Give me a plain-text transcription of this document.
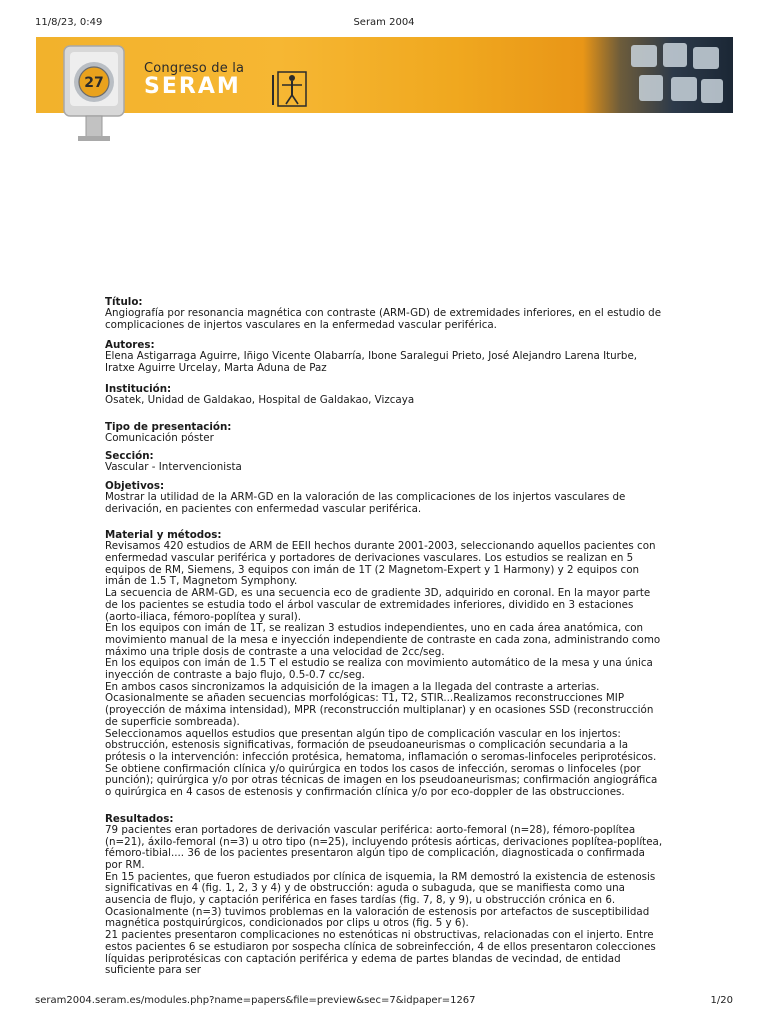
11/8/23, 0:49	Seram 2004
Congreso de la
SERAM
27
Título:

Angiografía por resonancia magnética con contraste (ARM-GD) de extremidades inferiores, en el estudio de complicaciones de injertos vasculares en la enfermedad vascular periférica.

Autores:

Elena Astigarraga Aguirre, Iñigo Vicente Olabarría, Ibone Saralegui Prieto, José Alejandro Larena Iturbe, Iratxe Aguirre Urcelay, Marta Aduna de Paz

Institución:

Osatek, Unidad de Galdakao, Hospital de Galdakao, Vizcaya

Tipo de presentación:

Comunicación póster

Sección:

Vascular - Intervencionista

Objetivos:

Mostrar la utilidad de la ARM-GD en la valoración de las complicaciones de los injertos vasculares de derivación, en pacientes con enfermedad vascular periférica.

Material y métodos:

Revisamos 420 estudios de ARM de EEII hechos durante 2001-2003, seleccionando aquellos pacientes con enfermedad vascular periférica y portadores de derivaciones vasculares. Los estudios se realizan en 5 equipos de RM, Siemens, 3 equipos con imán de 1T (2 Magnetom-Expert y 1 Harmony) y 2 equipos con imán de 1.5 T, Magnetom Symphony.

La secuencia de ARM-GD, es una secuencia eco de gradiente 3D, adquirido en coronal. En la mayor parte de los pacientes se estudia todo el árbol vascular de extremidades inferiores, dividido en 3 estaciones (aorto-iliaca, fémoro-poplítea y sural).

En los equipos con imán de 1T, se realizan 3 estudios independientes, uno en cada área anatómica, con movimiento manual de la mesa e inyección independiente de contraste en cada zona, administrando como máximo una triple dosis de contraste a una velocidad de 2cc/seg.

En los equipos con imán de 1.5 T el estudio se realiza con movimiento automático de la mesa y una única inyección de contraste a bajo flujo, 0.5-0.7 cc/seg.

En ambos casos sincronizamos la adquisición de la imagen a la llegada del contraste a arterias. Ocasionalmente se añaden secuencias morfológicas: T1, T2, STIR...Realizamos reconstrucciones MIP (proyección de máxima intensidad), MPR (reconstrucción multiplanar) y en ocasiones SSD (reconstrucción de superficie sombreada).

Seleccionamos aquellos estudios que presentan algún tipo de complicación vascular en los injertos: obstrucción, estenosis significativas, formación de pseudoaneurismas o complicación secundaria a la prótesis o la intervención: infección protésica, hematoma, inflamación o seromas-linfoceles periprotésicos.

Se obtiene confirmación clínica y/o quirúrgica en todos los casos de infección, seromas o linfoceles (por punción); quirúrgica y/o por otras técnicas de imagen en los pseudoaneurismas; confirmación angiográfica o quirúrgica en 4 casos de estenosis y confirmación clínica y/o por eco-doppler de las obstrucciones.

Resultados:

79 pacientes eran portadores de derivación vascular periférica: aorto-femoral (n=28), fémoro-poplítea (n=21), áxilo-femoral (n=3) u otro tipo (n=25), incluyendo prótesis aórticas, derivaciones poplítea-poplítea, fémoro-tibial.... 36 de los pacientes presentaron algún tipo de complicación, diagnosticada o confirmada por RM.

En 15 pacientes, que fueron estudiados por clínica de isquemia, la RM demostró la existencia de estenosis significativas en 4 (fig. 1, 2, 3 y 4) y de obstrucción: aguda o subaguda, que se manifiesta como una ausencia de flujo, y captación periférica en fases tardías (fig. 7, 8, y 9), u obstrucción crónica en 6. Ocasionalmente (n=3) tuvimos problemas en la valoración de estenosis por artefactos de susceptibilidad magnética postquirúrgicos, condicionados por clips u otros (fig. 5 y 6).

21 pacientes presentaron complicaciones no estenóticas ni obstructivas, relacionadas con el injerto. Entre estos pacientes 6 se estudiaron por sospecha clínica de sobreinfección, 4 de ellos presentaron colecciones líquidas periprotésicas con captación periférica y edema de partes blandas de vecindad, de entidad suficiente para ser

seram2004.seram.es/modules.php?name=papers&file=preview&sec=7&idpaper=1267	1/20
